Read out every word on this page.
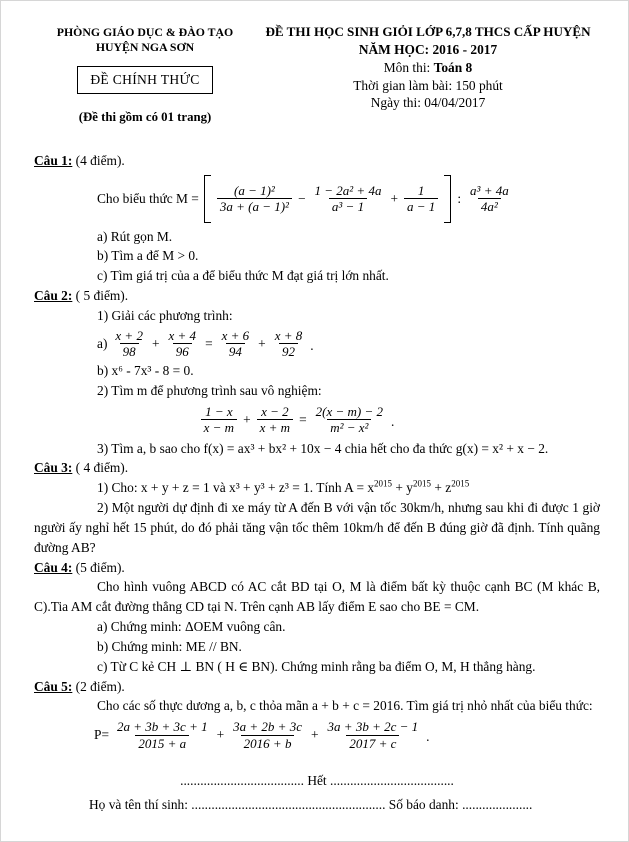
PHÒNG GIÁO DỤC & ĐÀO TẠO
HUYỆN NGA SƠN
ĐỀ CHÍNH THỨC
(Đề thi gồm có 01 trang)
ĐỀ THI HỌC SINH GIỎI LỚP 6,7,8 THCS CẤP HUYỆN
NĂM HỌC: 2016 - 2017
Môn thi: Toán 8
Thời gian làm bài: 150 phút
Ngày thi: 04/04/2017
Câu 1: (4 điểm).
Cho biểu thức $M = \frac{\text{(a − 1)²}}{\text{3a + (a − 1)²}} - \frac{\text{1 − 2a² + 4a}}{\text{a³ − 1}} + \frac{1}{a - 1}$ : $\frac{\text{a³ + 4a}}{\text{4a²}}$
a) Rút gọn M.
b) Tìm a để M > 0.
c) Tìm giá trị của a để biểu thức M đạt giá trị lớn nhất.
Câu 2: ( 5 điểm).
1) Giải các phương trình:
$a) \frac{x + 2}{98} + \frac{x + 4}{96} = \frac{x + 6}{94} + \frac{x + 8}{92}$ .
b) x⁶ - 7x³ - 8 = 0.
2) Tìm m để phương trình sau vô nghiệm:
$\frac{1 - x}{x - m} + \frac{x - 2}{x + m} = \frac{2(x - m) - 2}{\text{m² − x²}}$ .
3) Tìm a, b sao cho f(x) = ax³ + bx² + 10x − 4 chia hết cho đa thức g(x) = x² + x − 2.
Câu 3: ( 4 điểm).
1) Cho: x + y + z = 1 và x³ + y³ + z³ = 1. Tính $A = x^{2015} + y^{2015} + z^{2015}$

2) Một người dự định đi xe máy từ A đến B với vận tốc 30km/h, nhưng sau khi đi được 1 giờ người ấy nghỉ hết 15 phút, do đó phải tăng vận tốc thêm 10km/h để đến B đúng giờ đã định. Tính quãng đường AB?

Câu 4: (5 điểm).

Cho hình vuông ABCD có AC cắt BD tại O, M là điểm bất kỳ thuộc cạnh BC (M khác B, C).Tia AM cắt đường thẳng CD tại N. Trên cạnh AB lấy điểm E sao cho BE = CM.

a) Chứng minh: ΔOEM vuông cân.
b) Chứng minh: ME // BN.
c) Từ C kẻ CH ⊥ BN ( H ∈ BN). Chứng minh rằng ba điểm O, M, H thẳng hàng.
Câu 5: (2 điểm).

Cho các số thực dương a, b, c thỏa mãn a + b + c = 2016. Tìm giá trị nhỏ nhất của biểu thức:

$P= \frac{2a + 3b + 3c + 1}{2015 + a} + \frac{3a + 2b + 3c}{2016 + b} + \frac{3a + 3b + 2c - 1}{2017 + c}$ .
..................................... Hết .....................................
Họ và tên thí sinh: .......................................................... Số báo danh: .....................
